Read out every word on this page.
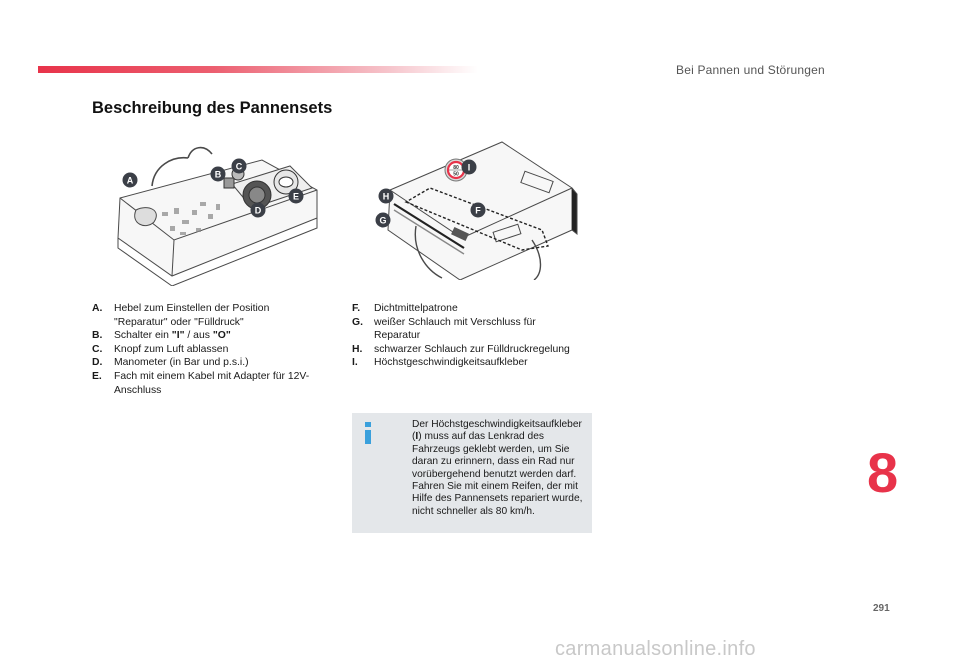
Bei Pannen und Störungen
Beschreibung des Pannensets
A
B
C
D
E
80
50
I
H
F
G
A. Hebel zum Einstellen der Position "Reparatur" oder "Fülldruck"
B. Schalter ein "I" / aus "O"
C. Knopf zum Luft ablassen
D. Manometer (in Bar und p.s.i.)
E. Fach mit einem Kabel mit Adapter für 12V-Anschluss
F. Dichtmittelpatrone
G. weißer Schlauch mit Verschluss für Reparatur
H. schwarzer Schlauch zur Fülldruckregelung
I. Höchstgeschwindigkeitsaufkleber

Der Höchstgeschwindigkeitsaufkleber (I) muss auf das Lenkrad des Fahrzeugs geklebt werden, um Sie daran zu erinnern, dass ein Rad nur vorübergehend benutzt werden darf. Fahren Sie mit einem Reifen, der mit Hilfe des Pannensets repariert wurde, nicht schneller als 80 km/h.

8
291
carmanualsonline.info
